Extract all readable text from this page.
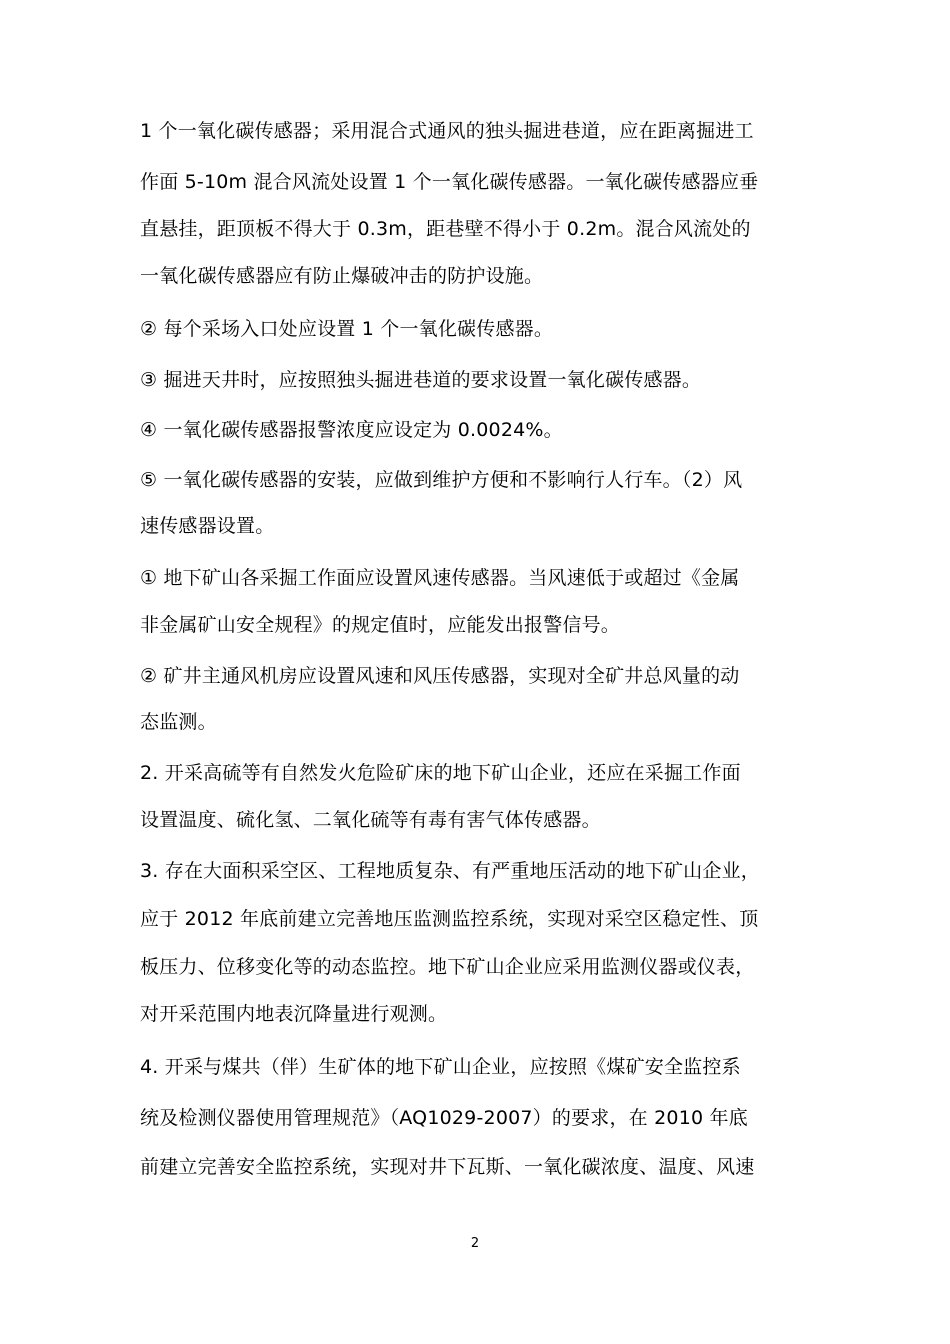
1 个一氧化碳传感器；采用混合式通风的独头掘进巷道，应在距离掘进工
作面 5-10m 混合风流处设置 1 个一氧化碳传感器。一氧化碳传感器应垂
直悬挂，距顶板不得大于 0.3m，距巷壁不得小于 0.2m。混合风流处的
一氧化碳传感器应有防止爆破冲击的防护设施。
② 每个采场入口处应设置 1 个一氧化碳传感器。
③ 掘进天井时，应按照独头掘进巷道的要求设置一氧化碳传感器。
④ 一氧化碳传感器报警浓度应设定为 0.0024%。
⑤ 一氧化碳传感器的安装，应做到维护方便和不影响行人行车。（2）风
速传感器设置。
① 地下矿山各采掘工作面应设置风速传感器。当风速低于或超过《金属
非金属矿山安全规程》的规定值时，应能发出报警信号。
② 矿井主通风机房应设置风速和风压传感器，实现对全矿井总风量的动
态监测。
2. 开采高硫等有自然发火危险矿床的地下矿山企业，还应在采掘工作面
设置温度、硫化氢、二氧化硫等有毒有害气体传感器。
3. 存在大面积采空区、工程地质复杂、有严重地压活动的地下矿山企业，
应于 2012 年底前建立完善地压监测监控系统，实现对采空区稳定性、顶
板压力、位移变化等的动态监控。地下矿山企业应采用监测仪器或仪表，
对开采范围内地表沉降量进行观测。
4. 开采与煤共（伴）生矿体的地下矿山企业，应按照《煤矿安全监控系
统及检测仪器使用管理规范》（AQ1029-2007）的要求，在 2010 年底
前建立完善安全监控系统，实现对井下瓦斯、一氧化碳浓度、温度、风速
2
